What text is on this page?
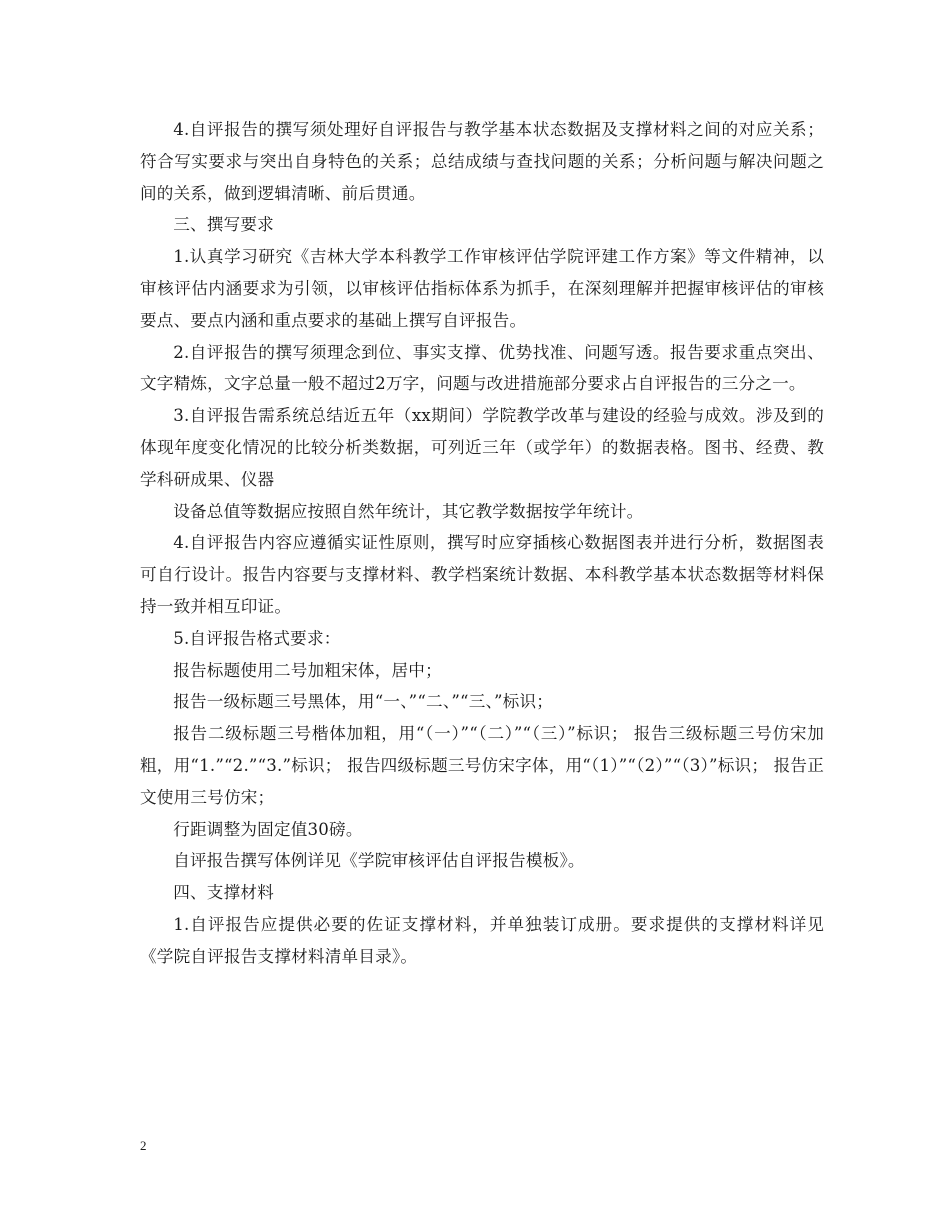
4.自评报告的撰写须处理好自评报告与教学基本状态数据及支撑材料之间的对应关系；符合写实要求与突出自身特色的关系；总结成绩与查找问题的关系；分析问题与解决问题之间的关系，做到逻辑清晰、前后贯通。

三、撰写要求

1.认真学习研究《吉林大学本科教学工作审核评估学院评建工作方案》等文件精神，以审核评估内涵要求为引领，以审核评估指标体系为抓手，在深刻理解并把握审核评估的审核要点、要点内涵和重点要求的基础上撰写自评报告。

2.自评报告的撰写须理念到位、事实支撑、优势找准、问题写透。报告要求重点突出、文字精炼，文字总量一般不超过2万字，问题与改进措施部分要求占自评报告的三分之一。

3.自评报告需系统总结近五年（xx期间）学院教学改革与建设的经验与成效。涉及到的体现年度变化情况的比较分析类数据，可列近三年（或学年）的数据表格。图书、经费、教学科研成果、仪器

设备总值等数据应按照自然年统计，其它教学数据按学年统计。

4.自评报告内容应遵循实证性原则，撰写时应穿插核心数据图表并进行分析，数据图表可自行设计。报告内容要与支撑材料、教学档案统计数据、本科教学基本状态数据等材料保持一致并相互印证。

5.自评报告格式要求：

报告标题使用二号加粗宋体，居中；

报告一级标题三号黑体，用“一、”“二、”“三、”标识；

报告二级标题三号楷体加粗，用“（一）”“（二）”“（三）”标识； 报告三级标题三号仿宋加粗，用“1.”“2.”“3.”标识； 报告四级标题三号仿宋字体，用“（1）”“（2）”“（3）”标识； 报告正文使用三号仿宋；

行距调整为固定值30磅。

自评报告撰写体例详见《学院审核评估自评报告模板》。

四、支撑材料

1.自评报告应提供必要的佐证支撑材料，并单独装订成册。要求提供的支撑材料详见《学院自评报告支撑材料清单目录》。

2
